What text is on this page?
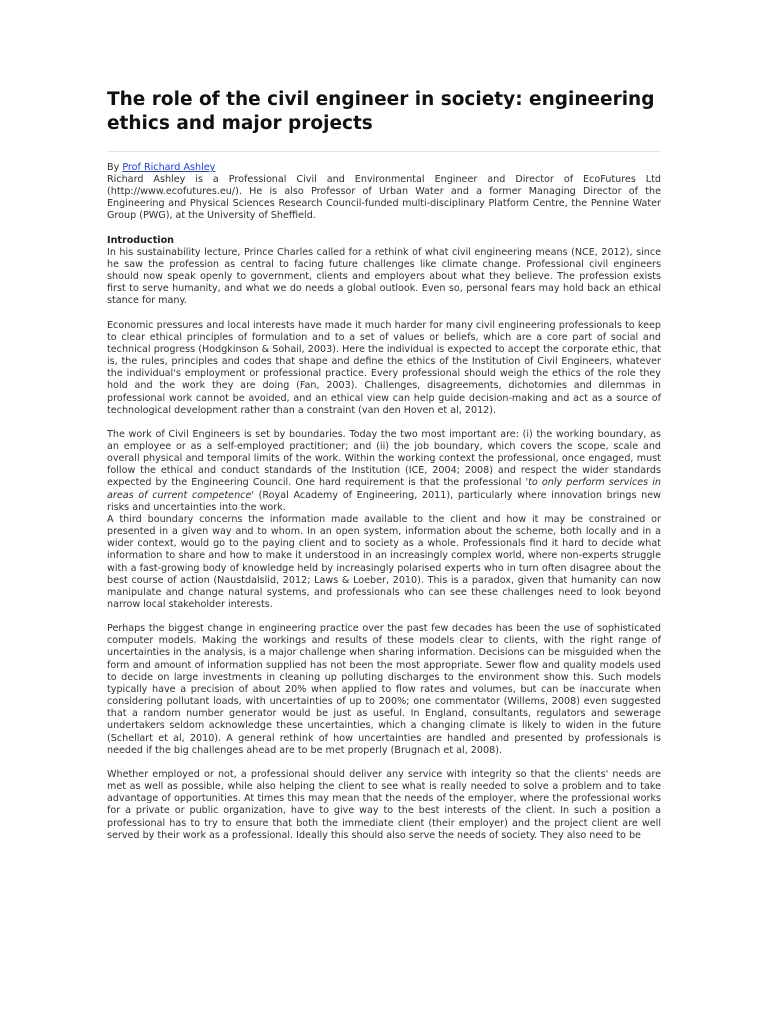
The role of the civil engineer in society: engineering ethics and major projects

By Prof Richard Ashley

Richard Ashley is a Professional Civil and Environmental Engineer and Director of EcoFutures Ltd (http://www.ecofutures.eu/). He is also Professor of Urban Water and a former Managing Director of the Engineering and Physical Sciences Research Council-funded multi-disciplinary Platform Centre, the Pennine Water Group (PWG), at the University of Sheffield.

Introduction

In his sustainability lecture, Prince Charles called for a rethink of what civil engineering means (NCE, 2012), since he saw the profession as central to facing future challenges like climate change. Professional civil engineers should now speak openly to government, clients and employers about what they believe. The profession exists first to serve humanity, and what we do needs a global outlook. Even so, personal fears may hold back an ethical stance for many.

Economic pressures and local interests have made it much harder for many civil engineering professionals to keep to clear ethical principles of formulation and to a set of values or beliefs, which are a core part of social and technical progress (Hodgkinson & Sohail, 2003). Here the individual is expected to accept the corporate ethic, that is, the rules, principles and codes that shape and define the ethics of the Institution of Civil Engineers, whatever the individual's employment or professional practice. Every professional should weigh the ethics of the role they hold and the work they are doing (Fan, 2003). Challenges, disagreements, dichotomies and dilemmas in professional work cannot be avoided, and an ethical view can help guide decision-making and act as a source of technological development rather than a constraint (van den Hoven et al, 2012).

The work of Civil Engineers is set by boundaries. Today the two most important are: (i) the working boundary, as an employee or as a self-employed practitioner; and (ii) the job boundary, which covers the scope, scale and overall physical and temporal limits of the work. Within the working context the professional, once engaged, must follow the ethical and conduct standards of the Institution (ICE, 2004; 2008) and respect the wider standards expected by the Engineering Council. One hard requirement is that the professional 'to only perform services in areas of current competence' (Royal Academy of Engineering, 2011), particularly where innovation brings new risks and uncertainties into the work.

A third boundary concerns the information made available to the client and how it may be constrained or presented in a given way and to whom. In an open system, information about the scheme, both locally and in a wider context, would go to the paying client and to society as a whole. Professionals find it hard to decide what information to share and how to make it understood in an increasingly complex world, where non-experts struggle with a fast-growing body of knowledge held by increasingly polarised experts who in turn often disagree about the best course of action (Naustdalslid, 2012; Laws & Loeber, 2010). This is a paradox, given that humanity can now manipulate and change natural systems, and professionals who can see these challenges need to look beyond narrow local stakeholder interests.

Perhaps the biggest change in engineering practice over the past few decades has been the use of sophisticated computer models. Making the workings and results of these models clear to clients, with the right range of uncertainties in the analysis, is a major challenge when sharing information. Decisions can be misguided when the form and amount of information supplied has not been the most appropriate. Sewer flow and quality models used to decide on large investments in cleaning up polluting discharges to the environment show this. Such models typically have a precision of about 20% when applied to flow rates and volumes, but can be inaccurate when considering pollutant loads, with uncertainties of up to 200%; one commentator (Willems, 2008) even suggested that a random number generator would be just as useful. In England, consultants, regulators and sewerage undertakers seldom acknowledge these uncertainties, which a changing climate is likely to widen in the future (Schellart et al, 2010). A general rethink of how uncertainties are handled and presented by professionals is needed if the big challenges ahead are to be met properly (Brugnach et al, 2008).

Whether employed or not, a professional should deliver any service with integrity so that the clients' needs are met as well as possible, while also helping the client to see what is really needed to solve a problem and to take advantage of opportunities. At times this may mean that the needs of the employer, where the professional works for a private or public organization, have to give way to the best interests of the client. In such a position a professional has to try to ensure that both the immediate client (their employer) and the project client are well served by their work as a professional. Ideally this should also serve the needs of society. They also need to be
